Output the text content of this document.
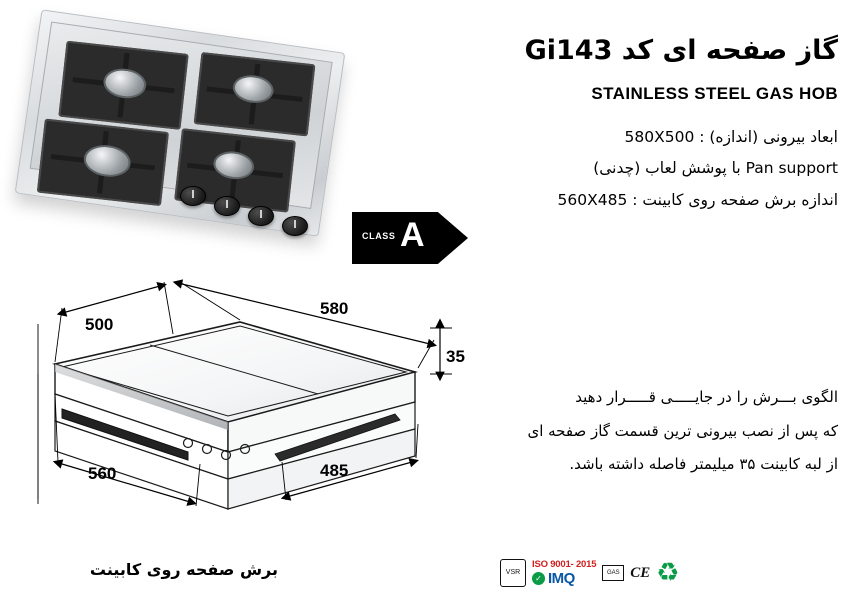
CLASS A
گاز صفحه ای کد Gi143
STAINLESS STEEL GAS HOB

ابعاد بیرونی (اندازه) : 580X500

Pan support با پوشش لعاب (چدنی)

اندازه برش صفحه روی کابینت : 560X485

الگوی بـــرش را در جایـــــی قـــــرار دهید

که پس از نصب بیرونی ترین قسمت گاز صفحه ای

از لبه کابینت ۳۵ میلیمتر فاصله داشته باشد.

500
580
35
560	485
برش صفحه روی کابینت	VSR
ISO 9001- 2015
✓ IMQ	GAS CE ♻
